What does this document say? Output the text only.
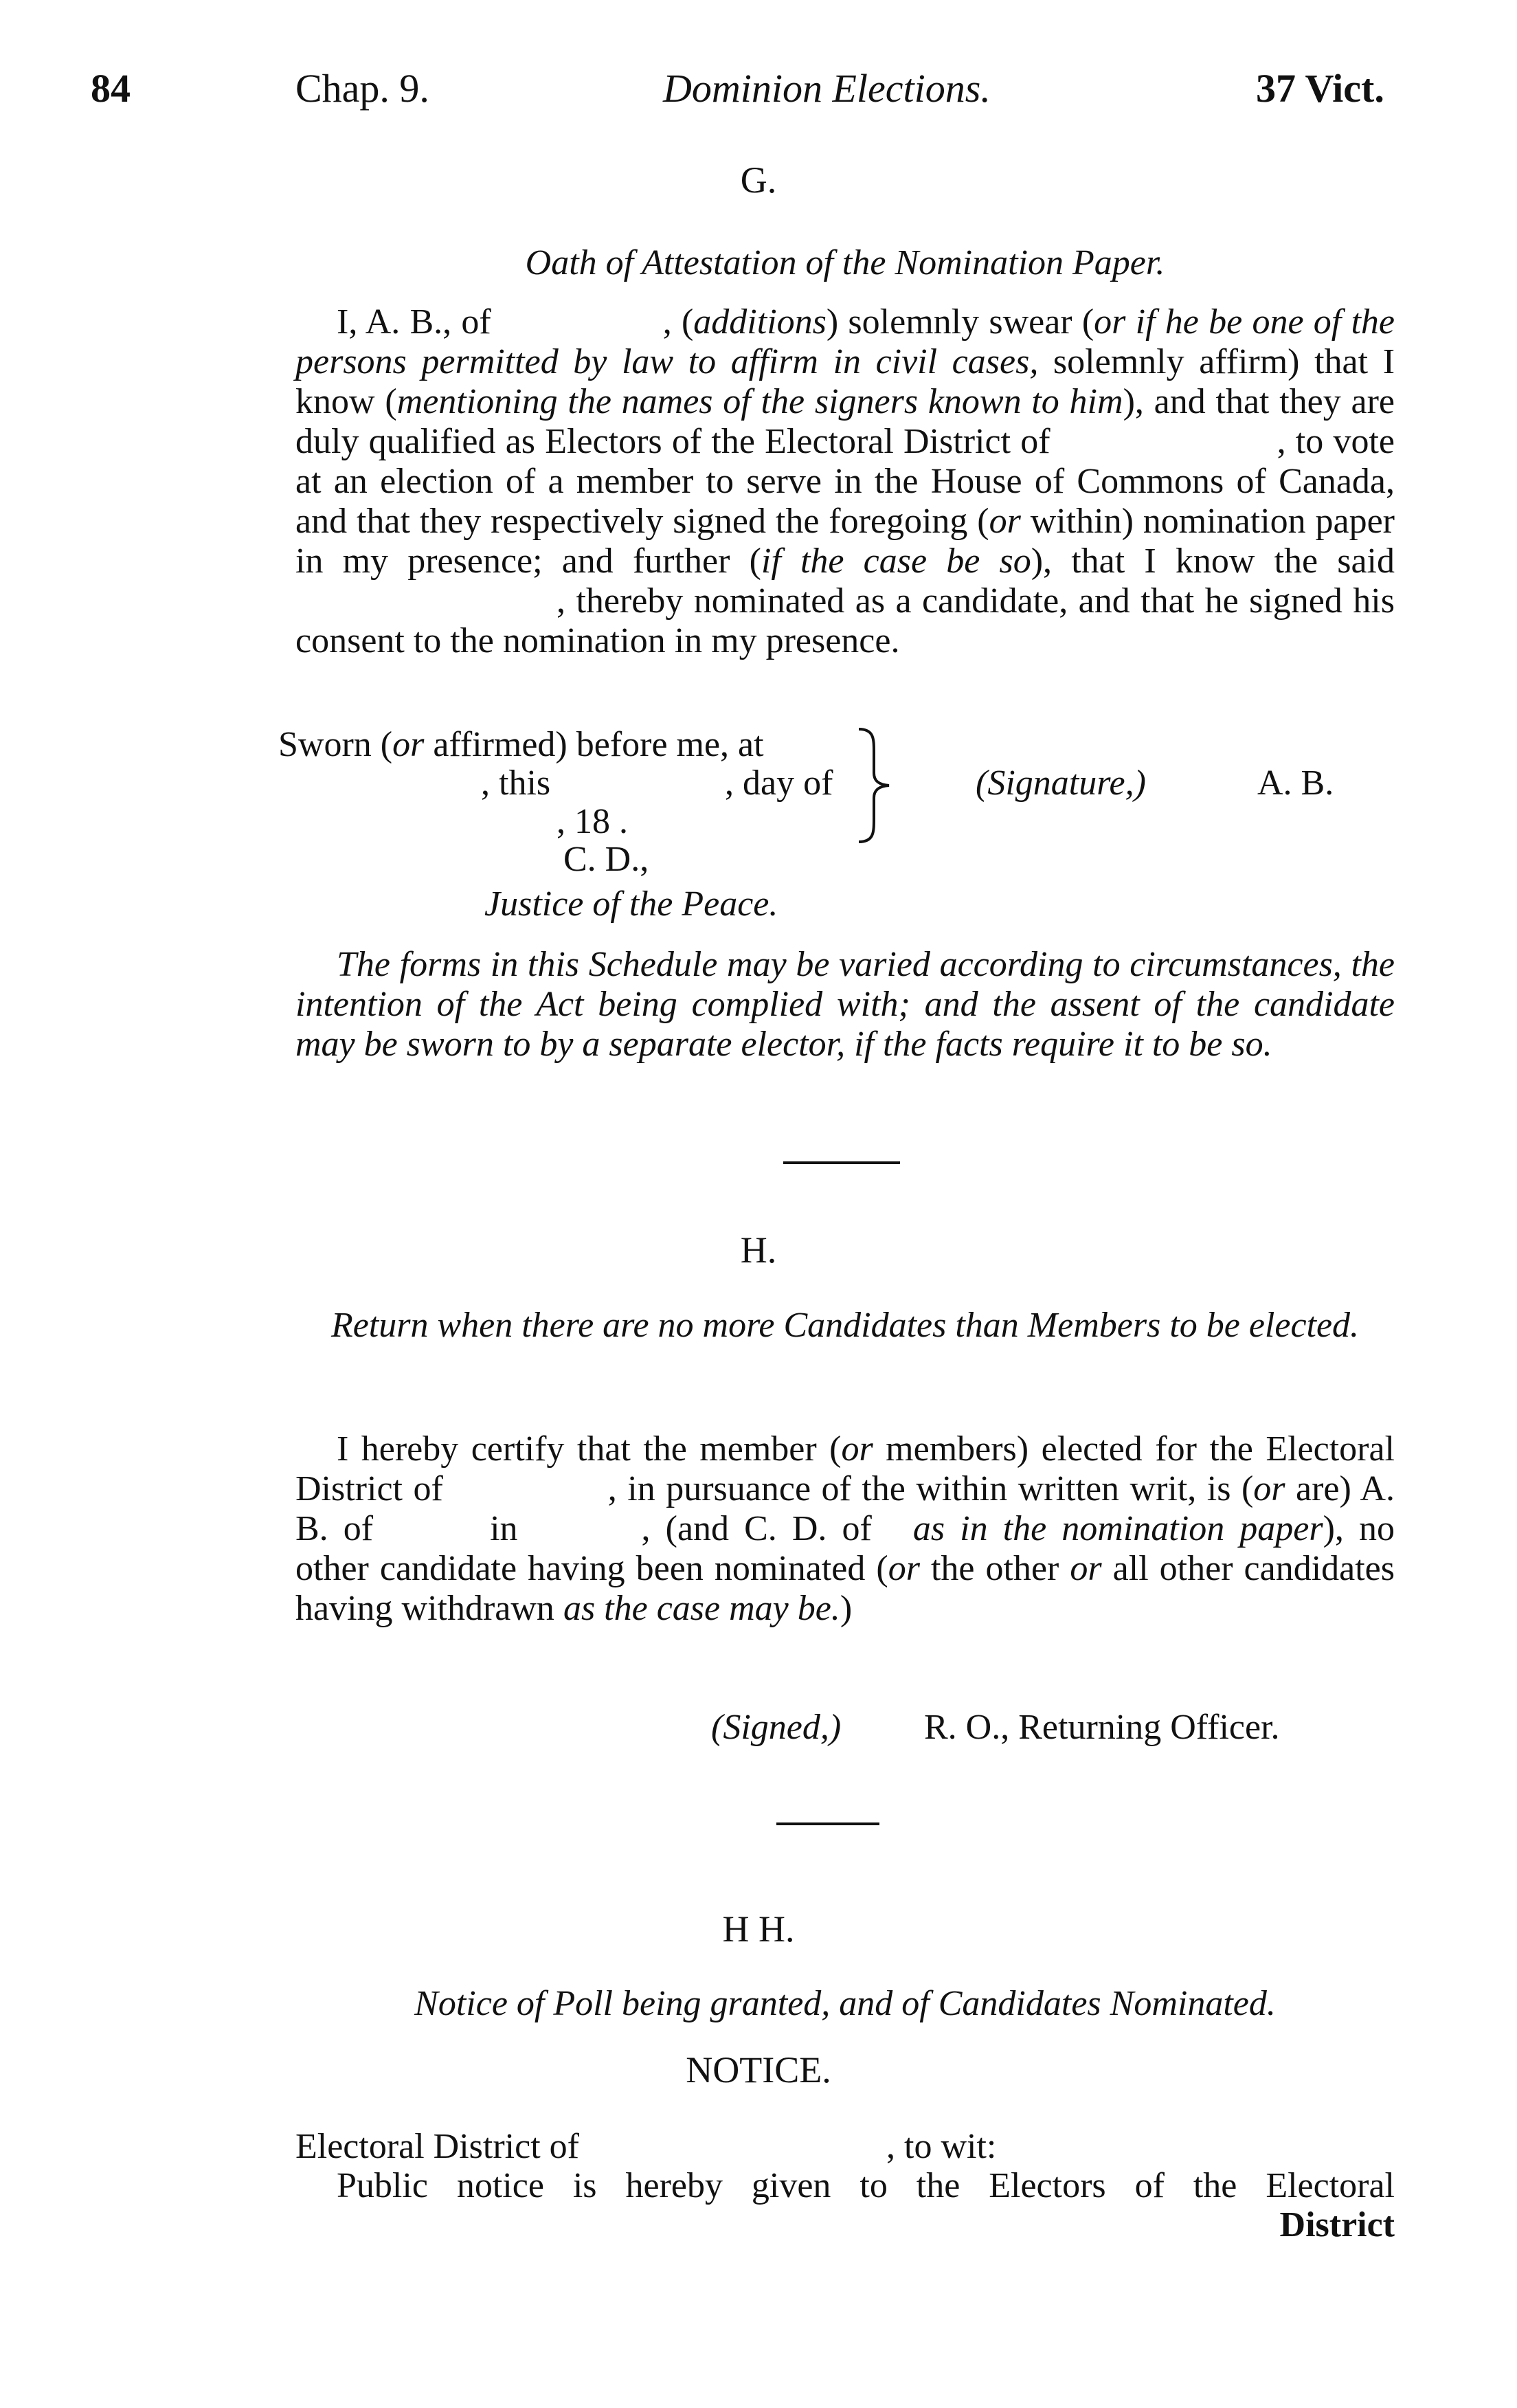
84	Chap. 9.	Dominion Elections.	37 Vict.
G.
Oath of Attestation of the Nomination Paper.
I, A. B., of	, (additions) solemnly swear (or if he be one of the persons permitted by law to affirm in civil cases, solemnly affirm) that I know (mentioning the names of the signers known to him), and that they are duly qualified as Electors of the Electoral District of	, to vote at an election of a member to serve in the House of Commons of Canada, and that they respectively signed the foregoing (or within) nomination paper in my presence; and further (if the case be so), that I know the said, thereby nominated as a candidate, and that he signed his consent to the nomination in my presence.
Sworn (or affirmed) before me, at
, this	, day of
, 18 .
C. D.,
Justice of the Peace.
(Signature,)	A. B.
The forms in this Schedule may be varied according to circumstances, the intention of the Act being complied with; and the assent of the candidate may be sworn to by a separate elector, if the facts require it to be so.
H.
Return when there are no more Candidates than Members to be elected.
I hereby certify that the member (or members) elected for the Electoral District of	, in pursuance of the within written writ, is (or are) A. B. of	in	, (and C. D. of as in the nomination paper), no other candidate having been nominated (or the other or all other candidates having withdrawn as the case may be.)
(Signed,) R. O., Returning Officer.
H H.
Notice of Poll being granted, and of Candidates Nominated.
NOTICE.
Electoral District of	, to wit:
Public notice is hereby given to the Electors of the Electoral
District
